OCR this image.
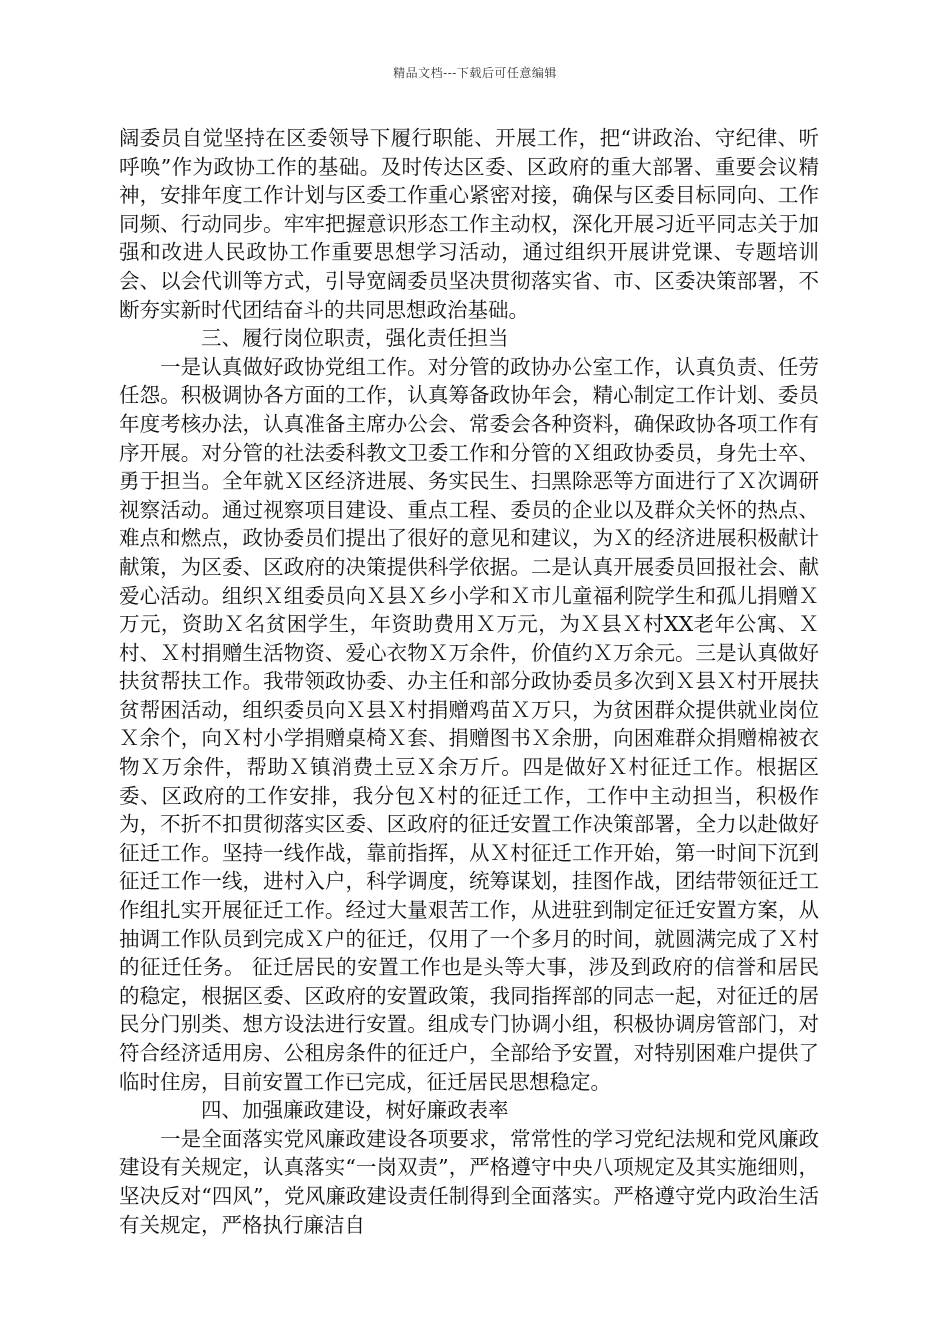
精品文档---下载后可任意编辑

阔委员自觉坚持在区委领导下履行职能、开展工作，把“讲政治、守纪律、听呼唤”作为政协工作的基础。及时传达区委、区政府的重大部署、重要会议精神，安排年度工作计划与区委工作重心紧密对接，确保与区委目标同向、工作同频、行动同步。牢牢把握意识形态工作主动权，深化开展习近平同志关于加强和改进人民政协工作重要思想学习活动，通过组织开展讲党课、专题培训会、以会代训等方式，引导宽阔委员坚决贯彻落实省、市、区委决策部署，不断夯实新时代团结奋斗的共同思想政治基础。

三、履行岗位职责，强化责任担当

一是认真做好政协党组工作。对分管的政协办公室工作，认真负责、任劳任怨。积极调协各方面的工作，认真筹备政协年会，精心制定工作计划、委员年度考核办法，认真准备主席办公会、常委会各种资料，确保政协各项工作有序开展。对分管的社法委科教文卫委工作和分管的Ｘ组政协委员，身先士卒、勇于担当。全年就Ｘ区经济进展、务实民生、扫黑除恶等方面进行了Ｘ次调研视察活动。通过视察项目建设、重点工程、委员的企业以及群众关怀的热点、难点和燃点，政协委员们提出了很好的意见和建议，为Ｘ的经济进展积极献计献策，为区委、区政府的决策提供科学依据。二是认真开展委员回报社会、献爱心活动。组织Ｘ组委员向Ｘ县Ｘ乡小学和Ｘ市儿童福利院学生和孤儿捐赠Ｘ万元，资助Ｘ名贫困学生，年资助费用Ｘ万元，为Ｘ县Ｘ村XX老年公寓、Ｘ村、Ｘ村捐赠生活物资、爱心衣物Ｘ万余件，价值约Ｘ万余元。三是认真做好扶贫帮扶工作。我带领政协委、办主任和部分政协委员多次到Ｘ县Ｘ村开展扶贫帮困活动，组织委员向Ｘ县Ｘ村捐赠鸡苗Ｘ万只，为贫困群众提供就业岗位Ｘ余个，向Ｘ村小学捐赠桌椅Ｘ套、捐赠图书Ｘ余册，向困难群众捐赠棉被衣物Ｘ万余件，帮助Ｘ镇消费土豆Ｘ余万斤。四是做好Ｘ村征迁工作。根据区委、区政府的工作安排，我分包Ｘ村的征迁工作，工作中主动担当，积极作为，不折不扣贯彻落实区委、区政府的征迁安置工作决策部署，全力以赴做好征迁工作。坚持一线作战，靠前指挥，从Ｘ村征迁工作开始，第一时间下沉到征迁工作一线，进村入户，科学调度，统筹谋划，挂图作战，团结带领征迁工作组扎实开展征迁工作。经过大量艰苦工作，从进驻到制定征迁安置方案，从抽调工作队员到完成Ｘ户的征迁，仅用了一个多月的时间，就圆满完成了Ｘ村的征迁任务。 征迁居民的安置工作也是头等大事，涉及到政府的信誉和居民的稳定，根据区委、区政府的安置政策，我同指挥部的同志一起，对征迁的居民分门别类、想方设法进行安置。组成专门协调小组，积极协调房管部门，对符合经济适用房、公租房条件的征迁户，全部给予安置，对特别困难户提供了临时住房，目前安置工作已完成，征迁居民思想稳定。

四、加强廉政建设，树好廉政表率

一是全面落实党风廉政建设各项要求，常常性的学习党纪法规和党风廉政建设有关规定，认真落实“一岗双责”，严格遵守中央八项规定及其实施细则，坚决反对“四风”，党风廉政建设责任制得到全面落实。严格遵守党内政治生活有关规定，严格执行廉洁自
